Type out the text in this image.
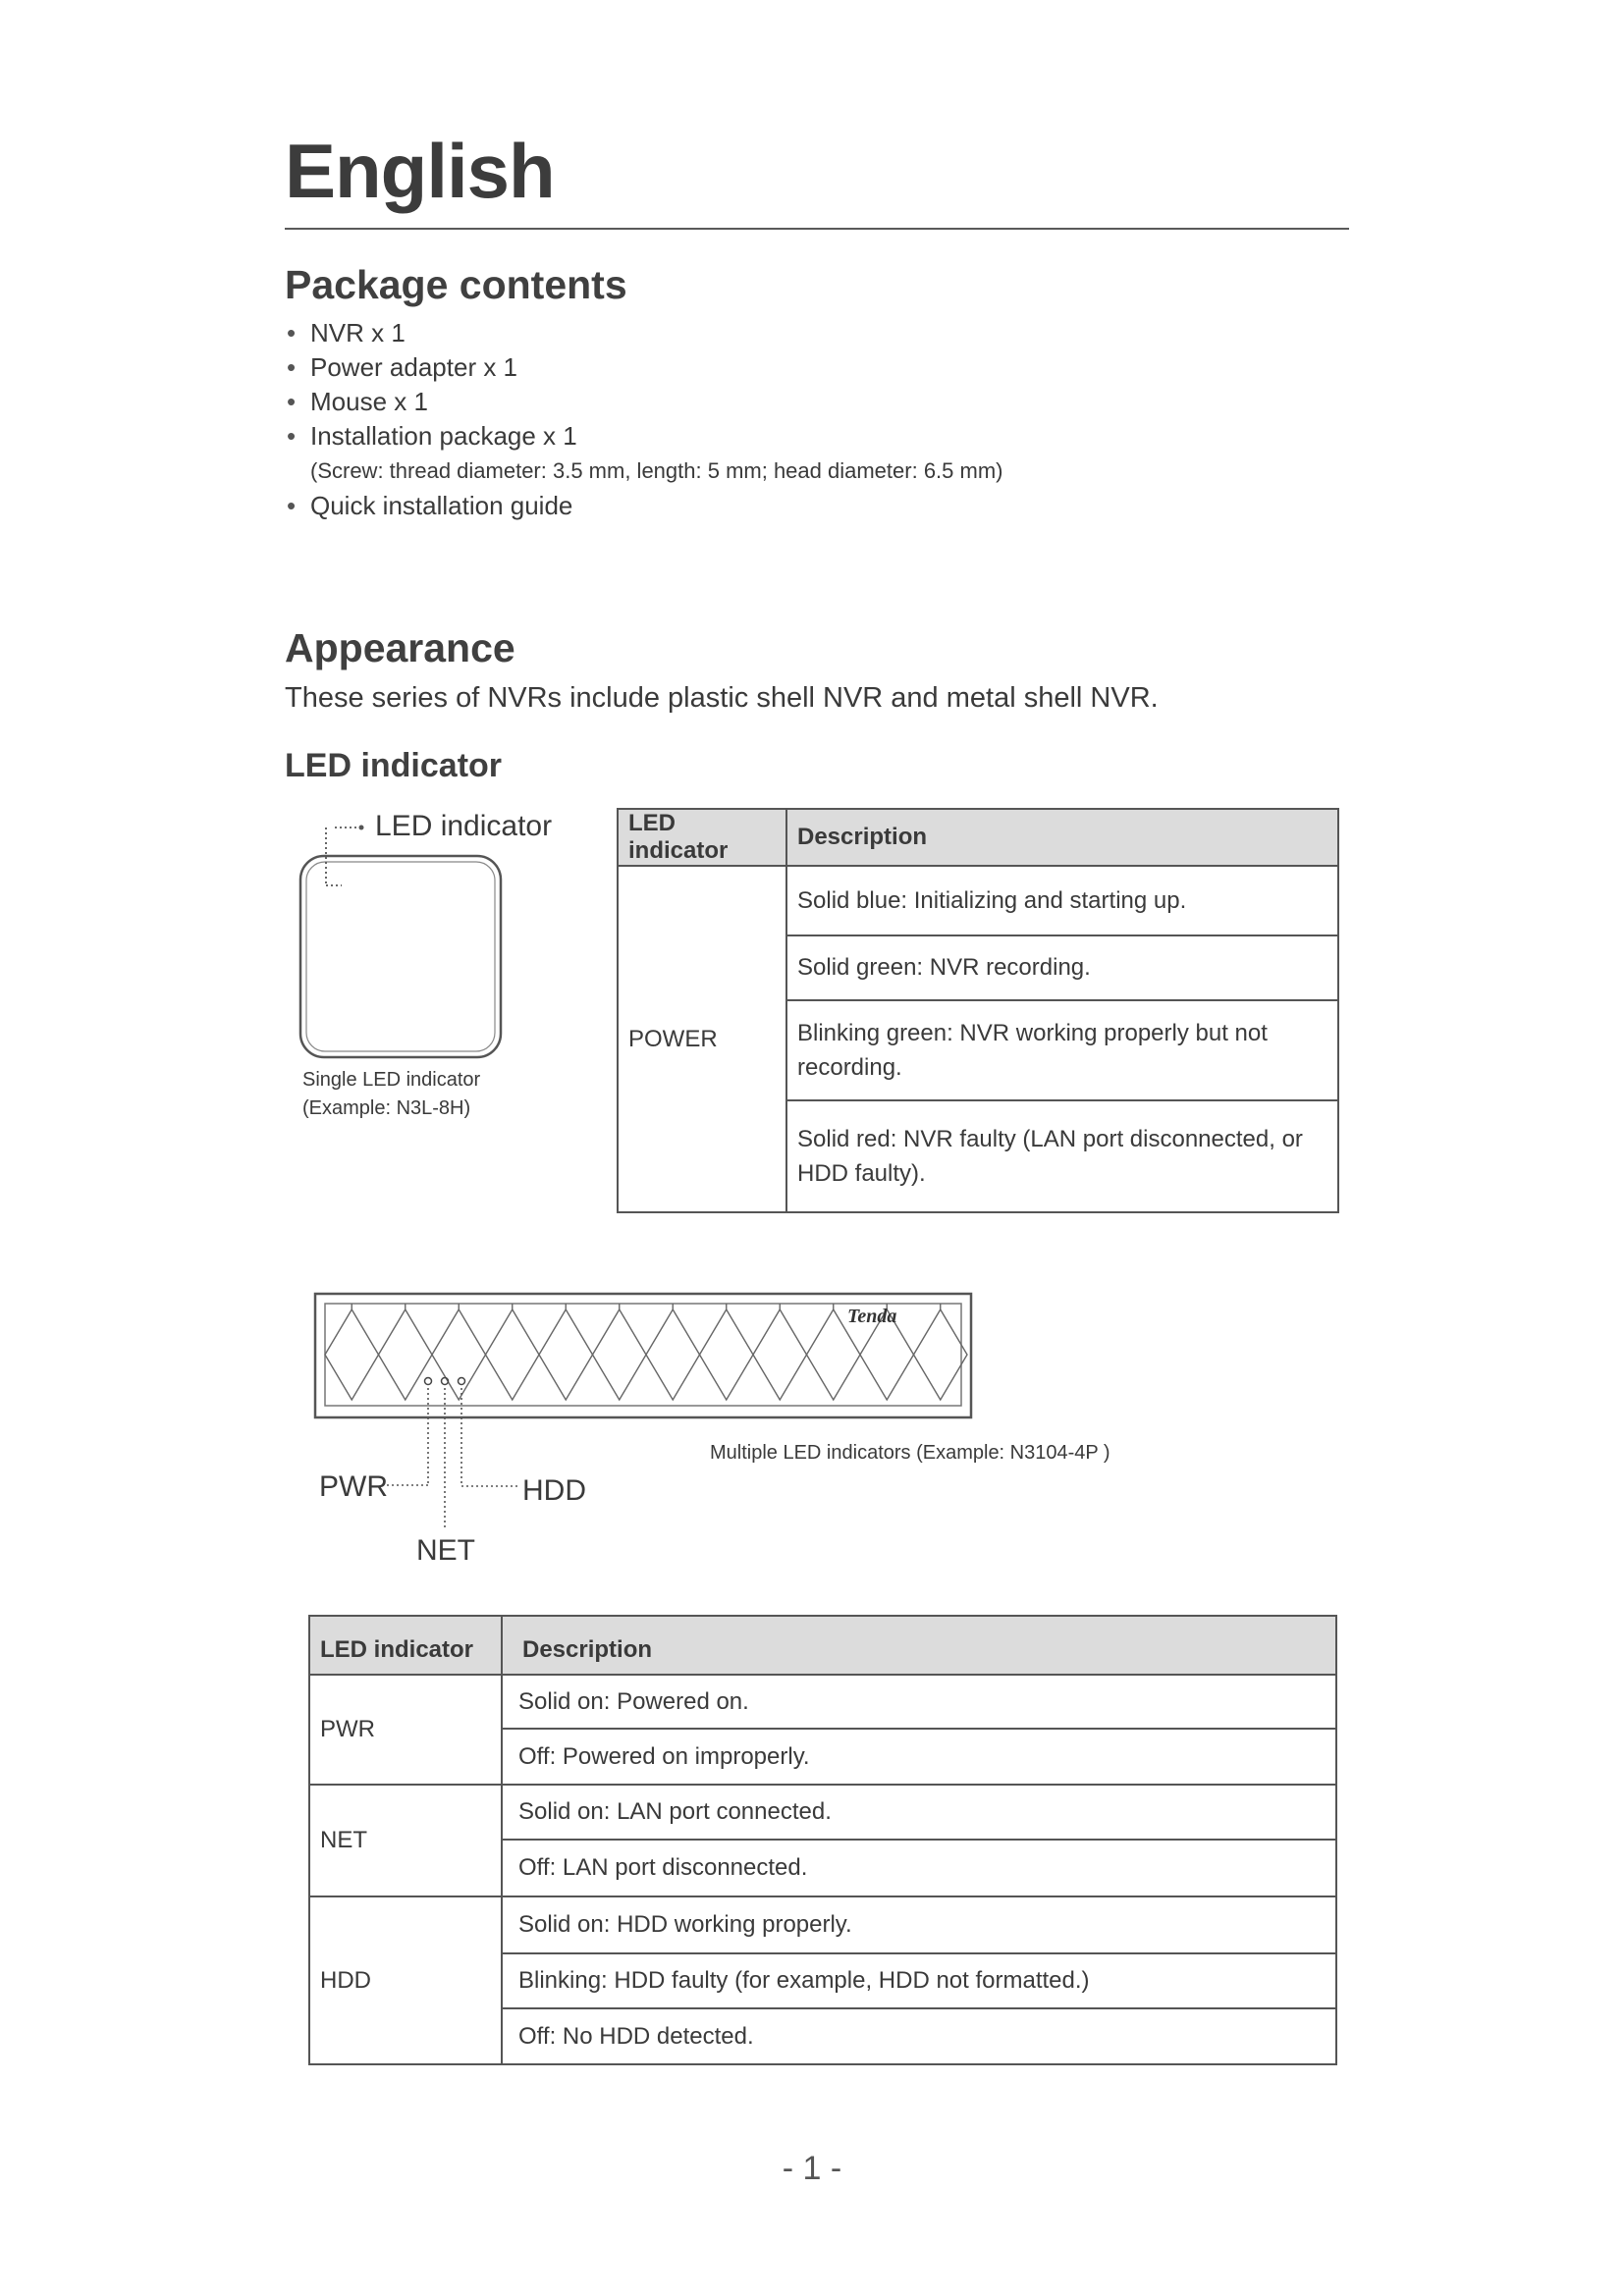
English
Package contents
• NVR x 1
• Power adapter x 1
• Mouse x 1
• Installation package x 1
(Screw: thread diameter: 3.5 mm, length: 5 mm; head diameter: 6.5 mm)
• Quick installation guide
Appearance
These series of NVRs include plastic shell NVR and metal shell NVR.
LED indicator
LED indicator
Single LED indicator
(Example: N3L-8H)
LED indicator	Description
POWER	Solid blue: Initializing and starting up.
	Solid green: NVR recording.
	Blinking green: NVR working properly but not recording.
	Solid red: NVR faulty (LAN port disconnected, or HDD faulty).
Tenda
PWR	HDD
NET
Multiple LED indicators (Example: N3104-4P )
LED indicator	Description
PWR	Solid on: Powered on.
	Off: Powered on improperly.
NET	Solid on: LAN port connected.
	Off: LAN port disconnected.
HDD	Solid on: HDD working properly.
	Blinking: HDD faulty (for example, HDD not formatted.)
	Off: No HDD detected.
- 1 -
